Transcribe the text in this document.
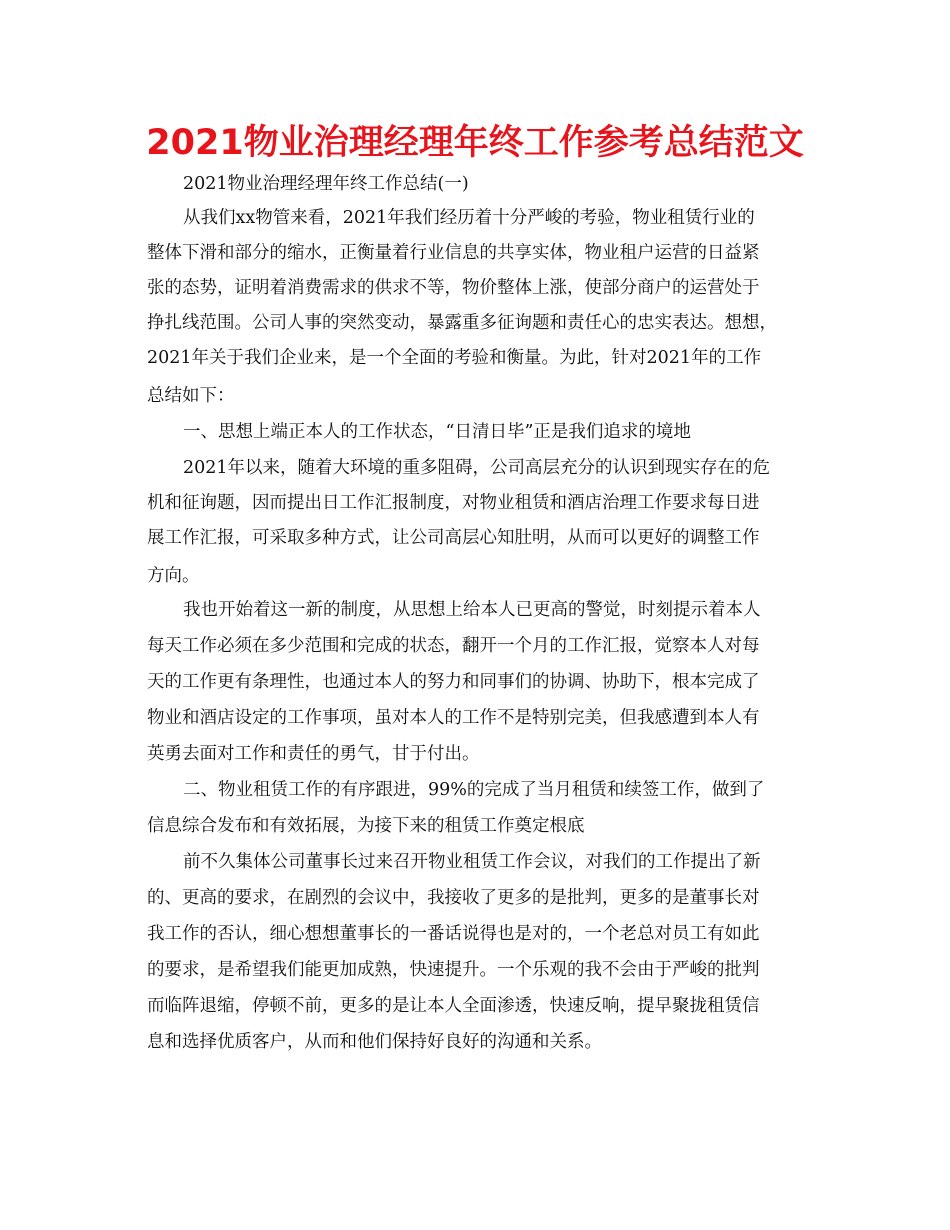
2021物业治理经理年终工作参考总结范文
2021物业治理经理年终工作总结(一)
从我们xx物管来看，2021年我们经历着十分严峻的考验，物业租赁行业的
整体下滑和部分的缩水，正衡量着行业信息的共享实体，物业租户运营的日益紧
张的态势，证明着消费需求的供求不等，物价整体上涨，使部分商户的运营处于
挣扎线范围。公司人事的突然变动，暴露重多征询题和责任心的忠实表达。想想，
2021年关于我们企业来，是一个全面的考验和衡量。为此，针对2021年的工作
总结如下：
一、思想上端正本人的工作状态，“日清日毕”正是我们追求的境地
2021年以来，随着大环境的重多阻碍，公司高层充分的认识到现实存在的危
机和征询题，因而提出日工作汇报制度，对物业租赁和酒店治理工作要求每日进
展工作汇报，可采取多种方式，让公司高层心知肚明，从而可以更好的调整工作
方向。
我也开始着这一新的制度，从思想上给本人已更高的警觉，时刻提示着本人
每天工作必须在多少范围和完成的状态，翻开一个月的工作汇报，觉察本人对每
天的工作更有条理性，也通过本人的努力和同事们的协调、协助下，根本完成了
物业和酒店设定的工作事项，虽对本人的工作不是特别完美，但我感遭到本人有
英勇去面对工作和责任的勇气，甘于付出。
二、物业租赁工作的有序跟进，99%的完成了当月租赁和续签工作，做到了
信息综合发布和有效拓展，为接下来的租赁工作奠定根底
前不久集体公司董事长过来召开物业租赁工作会议，对我们的工作提出了新
的、更高的要求，在剧烈的会议中，我接收了更多的是批判，更多的是董事长对
我工作的否认，细心想想董事长的一番话说得也是对的，一个老总对员工有如此
的要求，是希望我们能更加成熟，快速提升。一个乐观的我不会由于严峻的批判
而临阵退缩，停顿不前，更多的是让本人全面渗透，快速反响，提早聚拢租赁信
息和选择优质客户，从而和他们保持好良好的沟通和关系。
